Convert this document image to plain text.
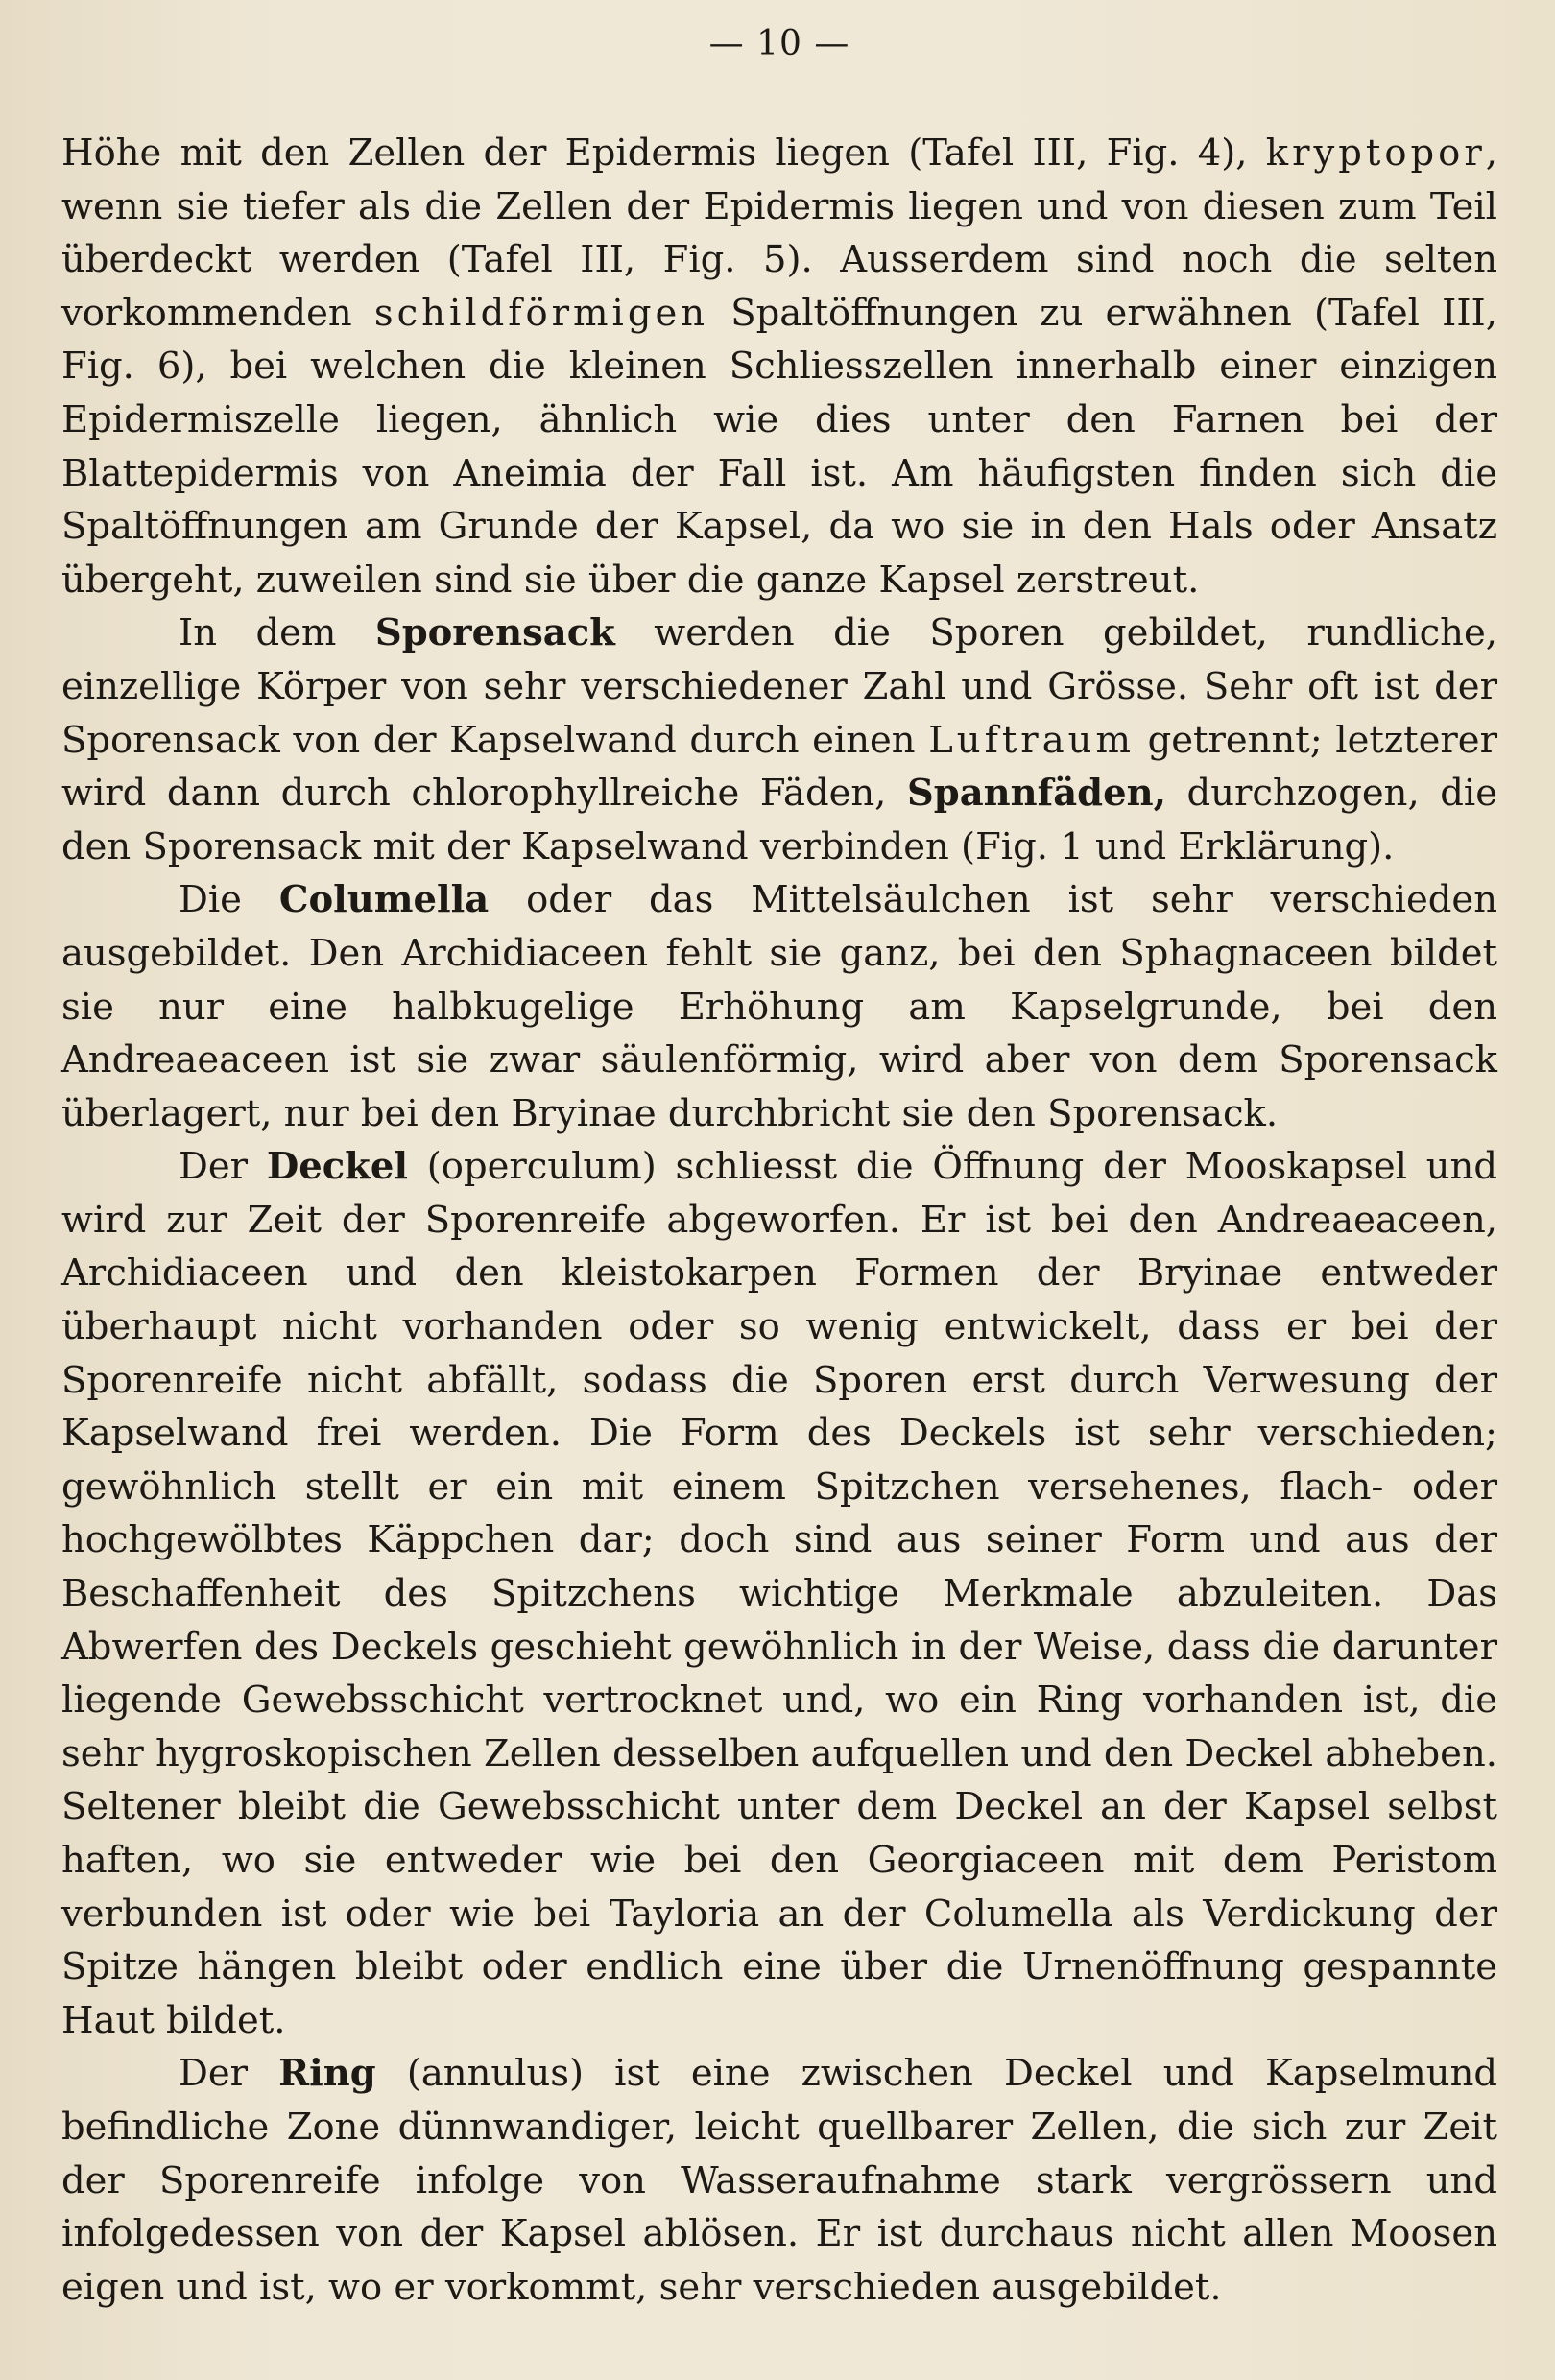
— 10 —

Höhe mit den Zellen der Epidermis liegen (Tafel III, Fig. 4), kryptopor, wenn sie tiefer als die Zellen der Epidermis liegen und von diesen zum Teil überdeckt werden (Tafel III, Fig. 5). Ausserdem sind noch die selten vorkommenden schildförmigen Spaltöffnungen zu erwähnen (Tafel III, Fig. 6), bei welchen die kleinen Schliesszellen innerhalb einer einzigen Epidermiszelle liegen, ähnlich wie dies unter den Farnen bei der Blattepidermis von Aneimia der Fall ist. Am häufigsten finden sich die Spaltöffnungen am Grunde der Kapsel, da wo sie in den Hals oder Ansatz übergeht, zuweilen sind sie über die ganze Kapsel zerstreut.

In dem Sporensack werden die Sporen gebildet, rundliche, einzellige Körper von sehr verschiedener Zahl und Grösse. Sehr oft ist der Sporensack von der Kapselwand durch einen Luftraum getrennt; letzterer wird dann durch chlorophyllreiche Fäden, Spannfäden, durchzogen, die den Sporensack mit der Kapselwand verbinden (Fig. 1 und Erklärung).

Die Columella oder das Mittelsäulchen ist sehr verschieden ausgebildet. Den Archidiaceen fehlt sie ganz, bei den Sphagnaceen bildet sie nur eine halbkugelige Erhöhung am Kapselgrunde, bei den Andreaeaceen ist sie zwar säulenförmig, wird aber von dem Sporensack überlagert, nur bei den Bryinae durchbricht sie den Sporensack.

Der Deckel (operculum) schliesst die Öffnung der Mooskapsel und wird zur Zeit der Sporenreife abgeworfen. Er ist bei den Andreaeaceen, Archidiaceen und den kleistokarpen Formen der Bryinae entweder überhaupt nicht vorhanden oder so wenig entwickelt, dass er bei der Sporenreife nicht abfällt, sodass die Sporen erst durch Verwesung der Kapselwand frei werden. Die Form des Deckels ist sehr verschieden; gewöhnlich stellt er ein mit einem Spitzchen versehenes, flach- oder hochgewölbtes Käppchen dar; doch sind aus seiner Form und aus der Beschaffenheit des Spitzchens wichtige Merkmale abzuleiten. Das Abwerfen des Deckels geschieht gewöhnlich in der Weise, dass die darunter liegende Gewebsschicht vertrocknet und, wo ein Ring vorhanden ist, die sehr hygroskopischen Zellen desselben aufquellen und den Deckel abheben. Seltener bleibt die Gewebsschicht unter dem Deckel an der Kapsel selbst haften, wo sie entweder wie bei den Georgiaceen mit dem Peristom verbunden ist oder wie bei Tayloria an der Columella als Verdickung der Spitze hängen bleibt oder endlich eine über die Urnenöffnung gespannte Haut bildet.

Der Ring (annulus) ist eine zwischen Deckel und Kapselmund befindliche Zone dünnwandiger, leicht quellbarer Zellen, die sich zur Zeit der Sporenreife infolge von Wasseraufnahme stark vergrössern und infolgedessen von der Kapsel ablösen. Er ist durchaus nicht allen Moosen eigen und ist, wo er vorkommt, sehr verschieden ausgebildet.
